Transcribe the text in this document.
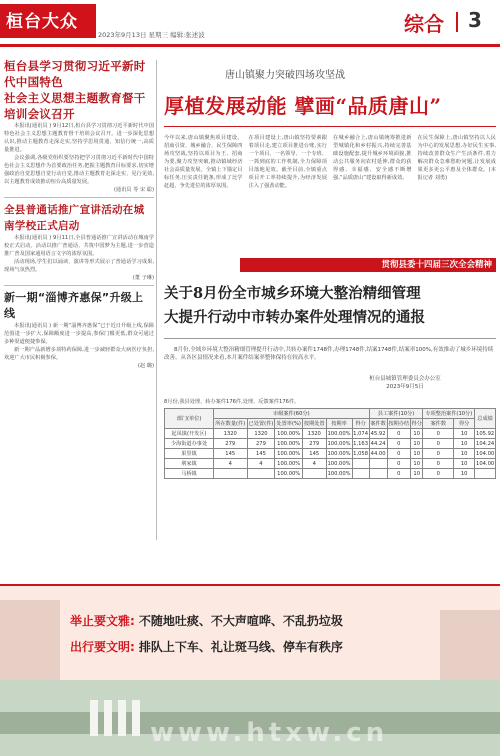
桓台大众
2023年9月13日 星期三 编辑:张述波	综合 3
桓台县学习贯彻习近平新时代中国特色
社会主义思想主题教育督干培训会议召开

本报讯(通讯员 ) 9月12日,桓台县学习贯彻习近平新时代中国特色社会主义思想主题教育督干培训会议召开。进一步深化思想认识,推动主题教育走深走实,坚持学思用贯通、知信行统一,高质量推进。

会议强调,各级党组织要坚持把学习贯彻习近平新时代中国特色社会主义思想作为首要政治任务,把握主题教育目标要求,切实增强政治自觉思想自觉行动自觉,推动主题教育走深走实、见行见效,以主题教育成效推动桓台高质量发展。

(通讯员 等 宋 聪)

全县普通话推广宣讲活动在城南学校正式启动

本报讯(通讯员 ) 9月11日,全县普通话推广宣讲活动在城南学校正式启动。活动以推广普通话、共筑中国梦为主题,进一步营造推广普及国家通用语言文字的浓厚氛围。

活动现场,学生们以诵读、演讲等形式展示了普通话学习成果,现场气氛热烈。

(董 子琳)

新一期“淄博齐惠保”升级上线

本报讯(通讯员 ) 新一期“淄博齐惠保”已于近日升级上线,保障范围进一步扩大,保障额度进一步提高,参保门槛更低,群众可通过多种渠道便捷参保。

新一期产品新增多项特药保障,进一步减轻群众大病医疗负担,欢迎广大市民积极参保。

(赵 璐)

唐山镇聚力突破四场攻坚战
厚植发展动能 擘画“品质唐山”
今年以来,唐山镇聚焦项目建设、招商引资、城乡融合、民生保障四场攻坚战,坚持以项目为王、招商为要,聚力攻坚突破,推动镇域经济社会高质量发展。全镇上下锚定目标任务,压实责任链条,形成了比学赶超、争先进位的浓厚氛围。
在项目建设上,唐山镇坚持要素跟着项目走,建立项目推进台账,实行一个项目、一名领导、一个专班、一抓到底的工作机制,全力保障项目落地见效。截至目前,全镇重点项目开工率持续提升,为经济发展注入了强劲动能。
在城乡融合上,唐山镇统筹推进新型城镇化和乡村振兴,持续完善基础设施配套,提升城乡环境面貌,推动公共服务向农村延伸,群众的获得感、幸福感、安全感不断增强,“品质唐山”建设取得新成效。
在民生保障上,唐山镇坚持以人民为中心的发展思想,办好民生实事,持续改善群众生产生活条件,着力解决群众急难愁盼问题,让发展成果更多更公平惠及全体群众。(本报记者 刘勇)
贯彻县委十四届三次全会精神
关于8月份全市城乡环境大整治精细管理
大提升行动中市转办案件处理情况的通报

8月份,全域乡环境大整治精细管理提升行动中,共转办案件1748件,办理1748件,结案1748件,结案率100%,有效推动了城乡环境持续改善。从各区县情况来看,本月案件结案率整体保持在较高水平。

桓台县城镇管理委员会办公室
2023年9月5日
8月份,我县处理、转办案件176件,处理、反馈案件176件。
部门(单位)	市级案件(60分)						县工案件(10分)			专项整治案件(10分)		总成绩
	所在数量(件)	已处置(件)	处置率(%)	按期处置	按期率	得分	案件数	按期办结	得分	案件数	得分	
起凤镇(开发区)	1320	1320	100.00%	1320	100.00%	1,074	45.92	0	10	0	10	105.92
少海街道办事处	279	279	100.00%	279	100.00%	1,163	44.24	0	10	0	10	104.24
果里镇	145	145	100.00%	145	100.00%	1,058	44.00	0	10	0	10	104.00
荆家镇	4	4	100.00%	4	100.00%			0	10	0	10	104.00
马桥镇			100.00%		100.00%			0	10	0	10	
举止要文雅: 不随地吐痰、不大声喧哗、不乱扔垃圾
出行要文明: 排队上下车、礼让斑马线、停车有秩序
www.htxw.cn
